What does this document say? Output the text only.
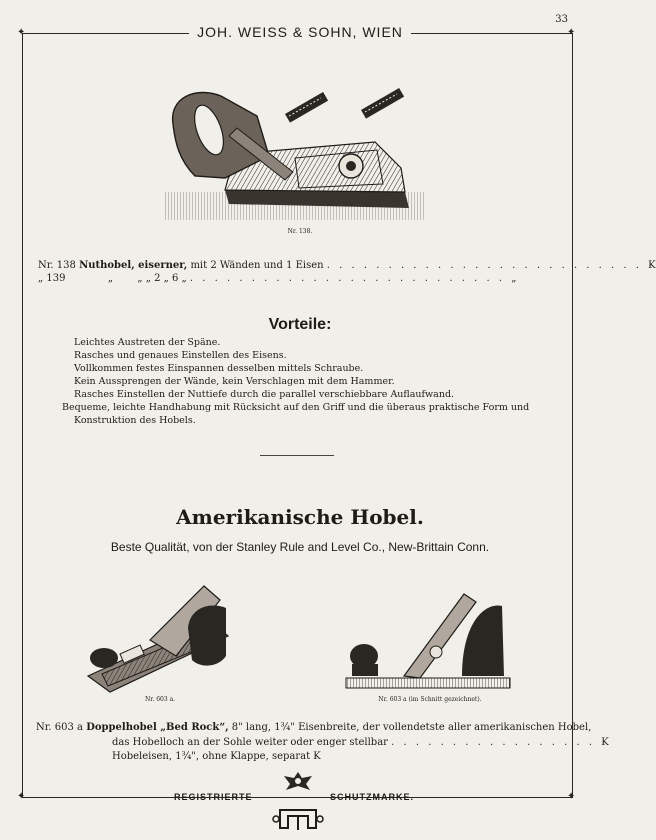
33
✦	✦
✦	✦
JOH. WEISS & SOHN, WIEN
Nr. 138.
Nr. 138 Nuthobel, eiserner, mit 2 Wänden und 1 Eisen . . . . . . . . . . . . . . . . . . . . . . . . . . K
„ 139	„ „ „ 2 „ 6 „ . . . . . . . . . . . . . . . . . . . . . . . . . . „
Vorteile:
Leichtes Austreten der Späne.
Rasches und genaues Einstellen des Eisens.
Vollkommen festes Einspannen desselben mittels Schraube.
Kein Aussprengen der Wände, kein Verschlagen mit dem Hammer.
Rasches Einstellen der Nuttiefe durch die parallel verschiebbare Auflaufwand.
Bequeme, leichte Handhabung mit Rücksicht auf den Griff und die überaus praktische Form und Konstruktion des Hobels.
Amerikanische Hobel.
Beste Qualität, von der Stanley Rule and Level Co., New-Brittain Conn.
Nr. 603 a.	Nr. 603 a (im Schnitt gezeichnet).
Nr. 603 a Doppelhobel „Bed Rock“, 8" lang, 1¾" Eisenbreite, der vollendetste aller amerikanischen Hobel,
das Hobelloch an der Sohle weiter oder enger stellbar . . . . . . . . . . . . . . . . . K
Hobeleisen, 1¾", ohne Klappe, separat K
REGISTRIERTE	SCHUTZMARKE.
